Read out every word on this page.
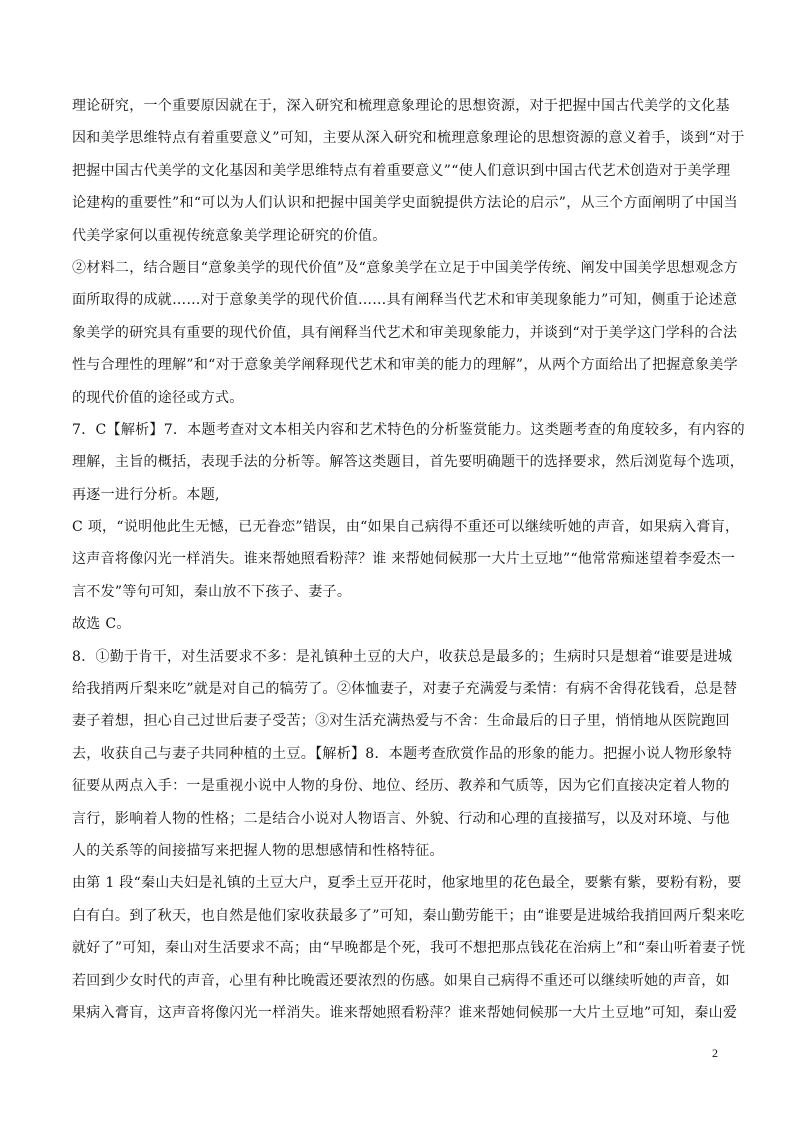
理论研究，一个重要原因就在于，深入研究和梳理意象理论的思想资源，对于把握中国古代美学的文化基
因和美学思维特点有着重要意义”可知，主要从深入研究和梳理意象理论的思想资源的意义着手，谈到“对于
把握中国古代美学的文化基因和美学思维特点有着重要意义”“使人们意识到中国古代艺术创造对于美学理
论建构的重要性”和“可以为人们认识和把握中国美学史面貌提供方法论的启示”，从三个方面阐明了中国当
代美学家何以重视传统意象美学理论研究的价值。
②材料二，结合题目“意象美学的现代价值”及“意象美学在立足于中国美学传统、阐发中国美学思想观念方
面所取得的成就……对于意象美学的现代价值……具有阐释当代艺术和审美现象能力”可知，侧重于论述意
象美学的研究具有重要的现代价值，具有阐释当代艺术和审美现象能力，并谈到“对于美学这门学科的合法
性与合理性的理解”和“对于意象美学阐释现代艺术和审美的能力的理解”，从两个方面给出了把握意象美学
的现代价值的途径或方式。
7．C【解析】7．本题考查对文本相关内容和艺术特色的分析鉴赏能力。这类题考查的角度较多，有内容的
理解，主旨的概括，表现手法的分析等。解答这类题目，首先要明确题干的选择要求，然后浏览每个选项，
再逐一进行分析。本题,
C 项，“说明他此生无憾，已无眷恋”错误，由“如果自己病得不重还可以继续听她的声音，如果病入膏肓，
这声音将像闪光一样消失。谁来帮她照看粉萍？谁 来帮她伺候那一大片土豆地”“他常常痴迷望着李爱杰一
言不发”等句可知，秦山放不下孩子、妻子。
故选 C。
8．①勤于肯干，对生活要求不多：是礼镇种土豆的大户，收获总是最多的；生病时只是想着“谁要是进城
给我捎两斤梨来吃”就是对自己的犒劳了。②体恤妻子，对妻子充满爱与柔情：有病不舍得花钱看，总是替
妻子着想，担心自己过世后妻子受苦；③对生活充满热爱与不舍：生命最后的日子里，悄悄地从医院跑回
去，收获自己与妻子共同种植的土豆。【解析】8．本题考查欣赏作品的形象的能力。把握小说人物形象特
征要从两点入手：一是重视小说中人物的身份、地位、经历、教养和气质等，因为它们直接决定着人物的
言行，影响着人物的性格；二是结合小说对人物语言、外貌、行动和心理的直接描写，以及对环境、与他
人的关系等的间接描写来把握人物的思想感情和性格特征。
由第 1 段“秦山夫妇是礼镇的土豆大户，夏季土豆开花时，他家地里的花色最全，要紫有紫，要粉有粉，要
白有白。到了秋天，也自然是他们家收获最多了”可知，秦山勤劳能干；由“谁要是进城给我捎回两斤梨来吃
就好了”可知，秦山对生活要求不高；由“早晚都是个死，我可不想把那点钱花在治病上”和“秦山听着妻子恍
若回到少女时代的声音，心里有种比晚霞还要浓烈的伤感。如果自己病得不重还可以继续听她的声音，如
果病入膏肓，这声音将像闪光一样消失。谁来帮她照看粉萍？谁来帮她伺候那一大片土豆地”可知，秦山爱
2
